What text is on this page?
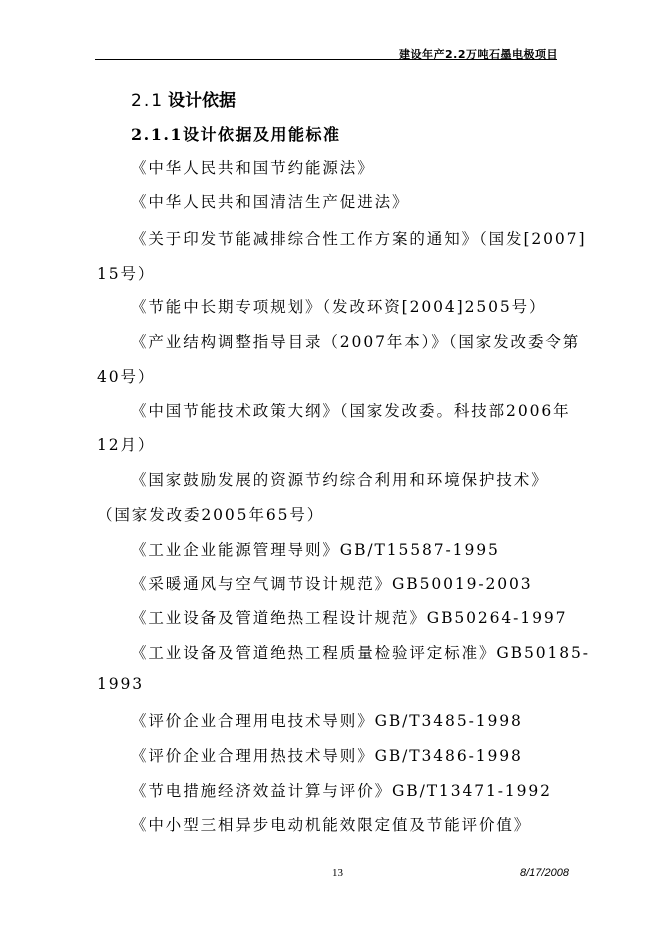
建设年产2.2万吨石墨电极项目
2.1 设计依据
2.1.1设计依据及用能标准
《中华人民共和国节约能源法》
《中华人民共和国清洁生产促进法》
《关于印发节能减排综合性工作方案的通知》（国发[2007]
15号）
《节能中长期专项规划》（发改环资[2004]2505号）
《产业结构调整指导目录（2007年本）》（国家发改委令第
40号）
《中国节能技术政策大纲》（国家发改委。科技部2006年
12月）
《国家鼓励发展的资源节约综合利用和环境保护技术》
（国家发改委2005年65号）
《工业企业能源管理导则》GB/T15587-1995
《采暖通风与空气调节设计规范》GB50019-2003
《工业设备及管道绝热工程设计规范》GB50264-1997
《工业设备及管道绝热工程质量检验评定标准》GB50185-
1993
《评价企业合理用电技术导则》GB/T3485-1998
《评价企业合理用热技术导则》GB/T3486-1998
《节电措施经济效益计算与评价》GB/T13471-1992
《中小型三相异步电动机能效限定值及节能评价值》
13	8/17/2008
